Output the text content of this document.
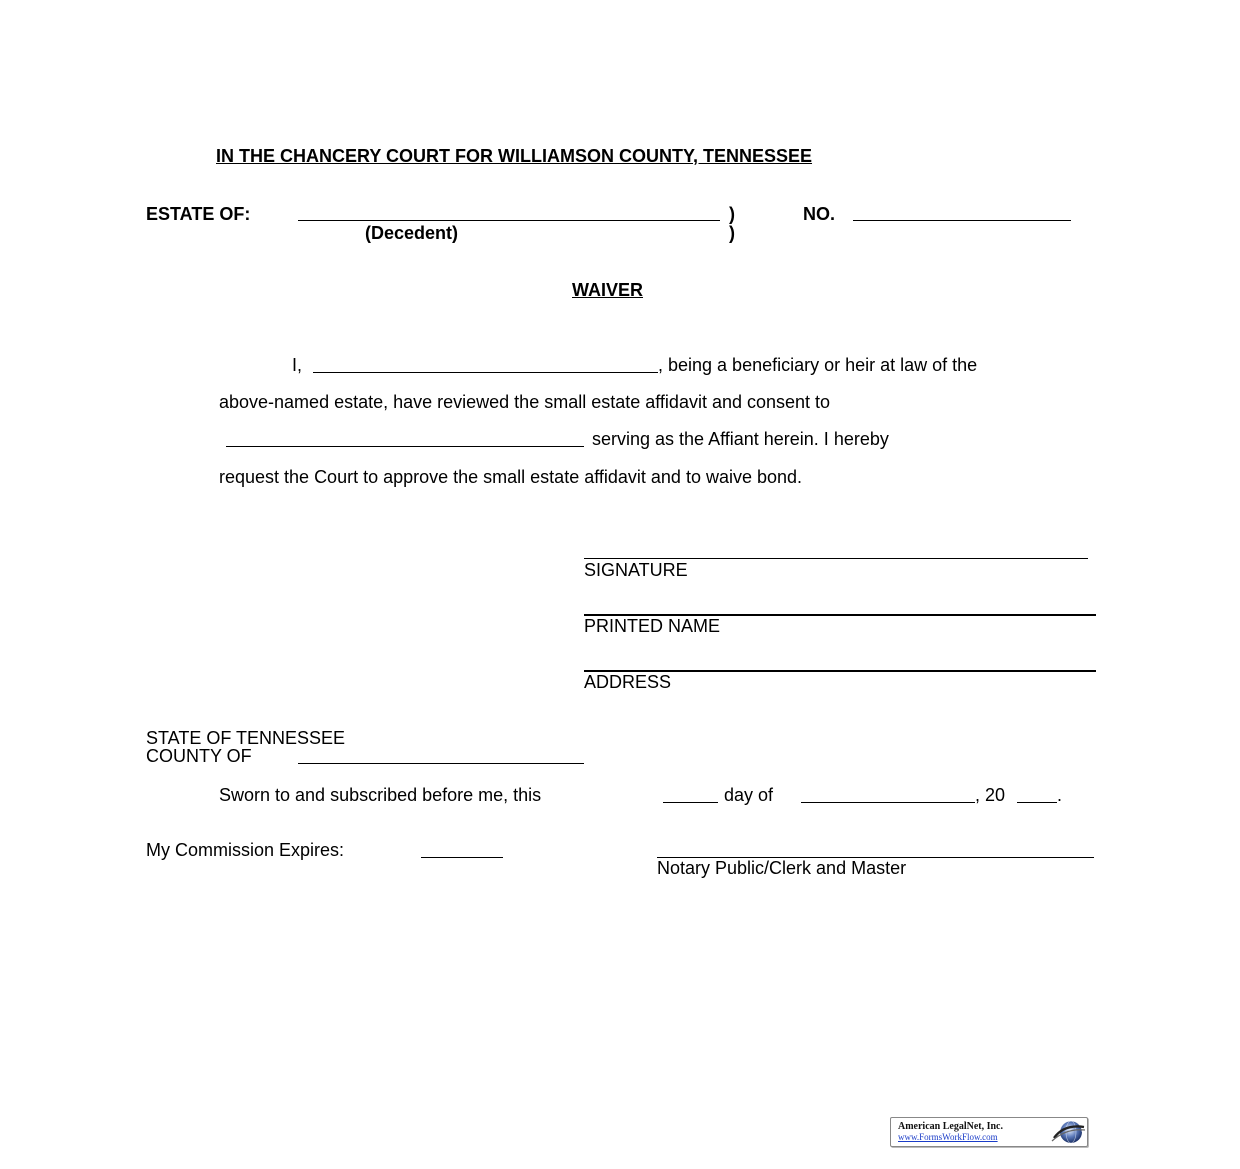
IN THE CHANCERY COURT FOR WILLIAMSON COUNTY, TENNESSEE
ESTATE OF:	)	NO.
(Decedent)	)
WAIVER
I,	, being a beneficiary or heir at law of the
above-named estate, have reviewed the small estate affidavit and consent to
serving as the Affiant herein. I hereby
request the Court to approve the small estate affidavit and to waive bond.
SIGNATURE
PRINTED NAME
ADDRESS
STATE OF TENNESSEE
COUNTY OF
Sworn to and subscribed before me, this	day of	, 20	.
My Commission Expires:
Notary Public/Clerk and Master
American LegalNet, Inc.
www.FormsWorkFlow.com
